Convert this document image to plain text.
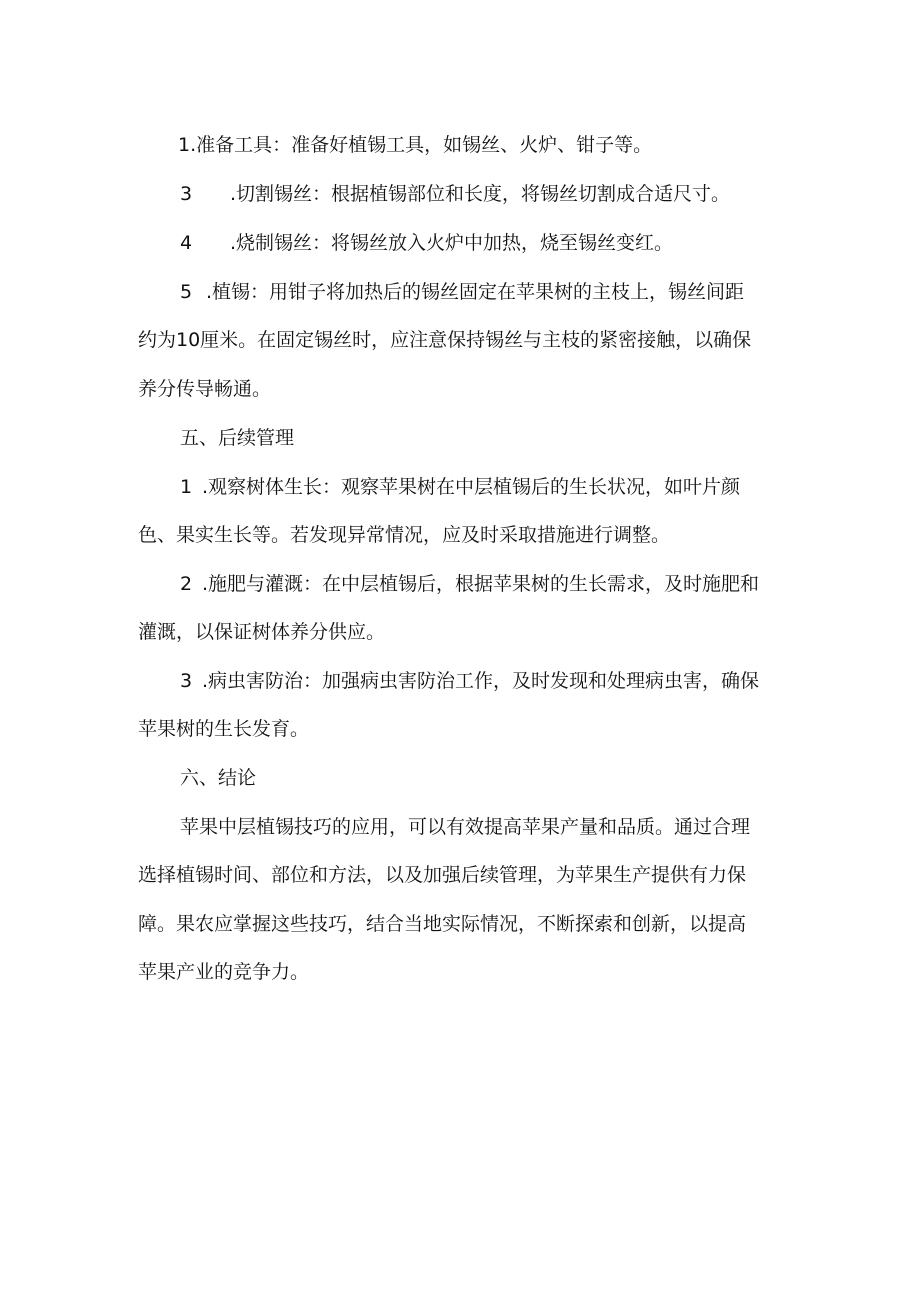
1.准备工具：准备好植锡工具，如锡丝、火炉、钳子等。
3 .切割锡丝：根据植锡部位和长度，将锡丝切割成合适尺寸。
4 .烧制锡丝：将锡丝放入火炉中加热，烧至锡丝变红。
5 .植锡：用钳子将加热后的锡丝固定在苹果树的主枝上，锡丝间距
约为10厘米。在固定锡丝时，应注意保持锡丝与主枝的紧密接触，以确保
养分传导畅通。
五、后续管理
1 .观察树体生长：观察苹果树在中层植锡后的生长状况，如叶片颜
色、果实生长等。若发现异常情况，应及时采取措施进行调整。
2 .施肥与灌溉：在中层植锡后，根据苹果树的生长需求，及时施肥和
灌溉，以保证树体养分供应。
3 .病虫害防治：加强病虫害防治工作，及时发现和处理病虫害，确保
苹果树的生长发育。
六、结论
苹果中层植锡技巧的应用，可以有效提高苹果产量和品质。通过合理
选择植锡时间、部位和方法，以及加强后续管理，为苹果生产提供有力保
障。果农应掌握这些技巧，结合当地实际情况，不断探索和创新，以提高
苹果产业的竞争力。
